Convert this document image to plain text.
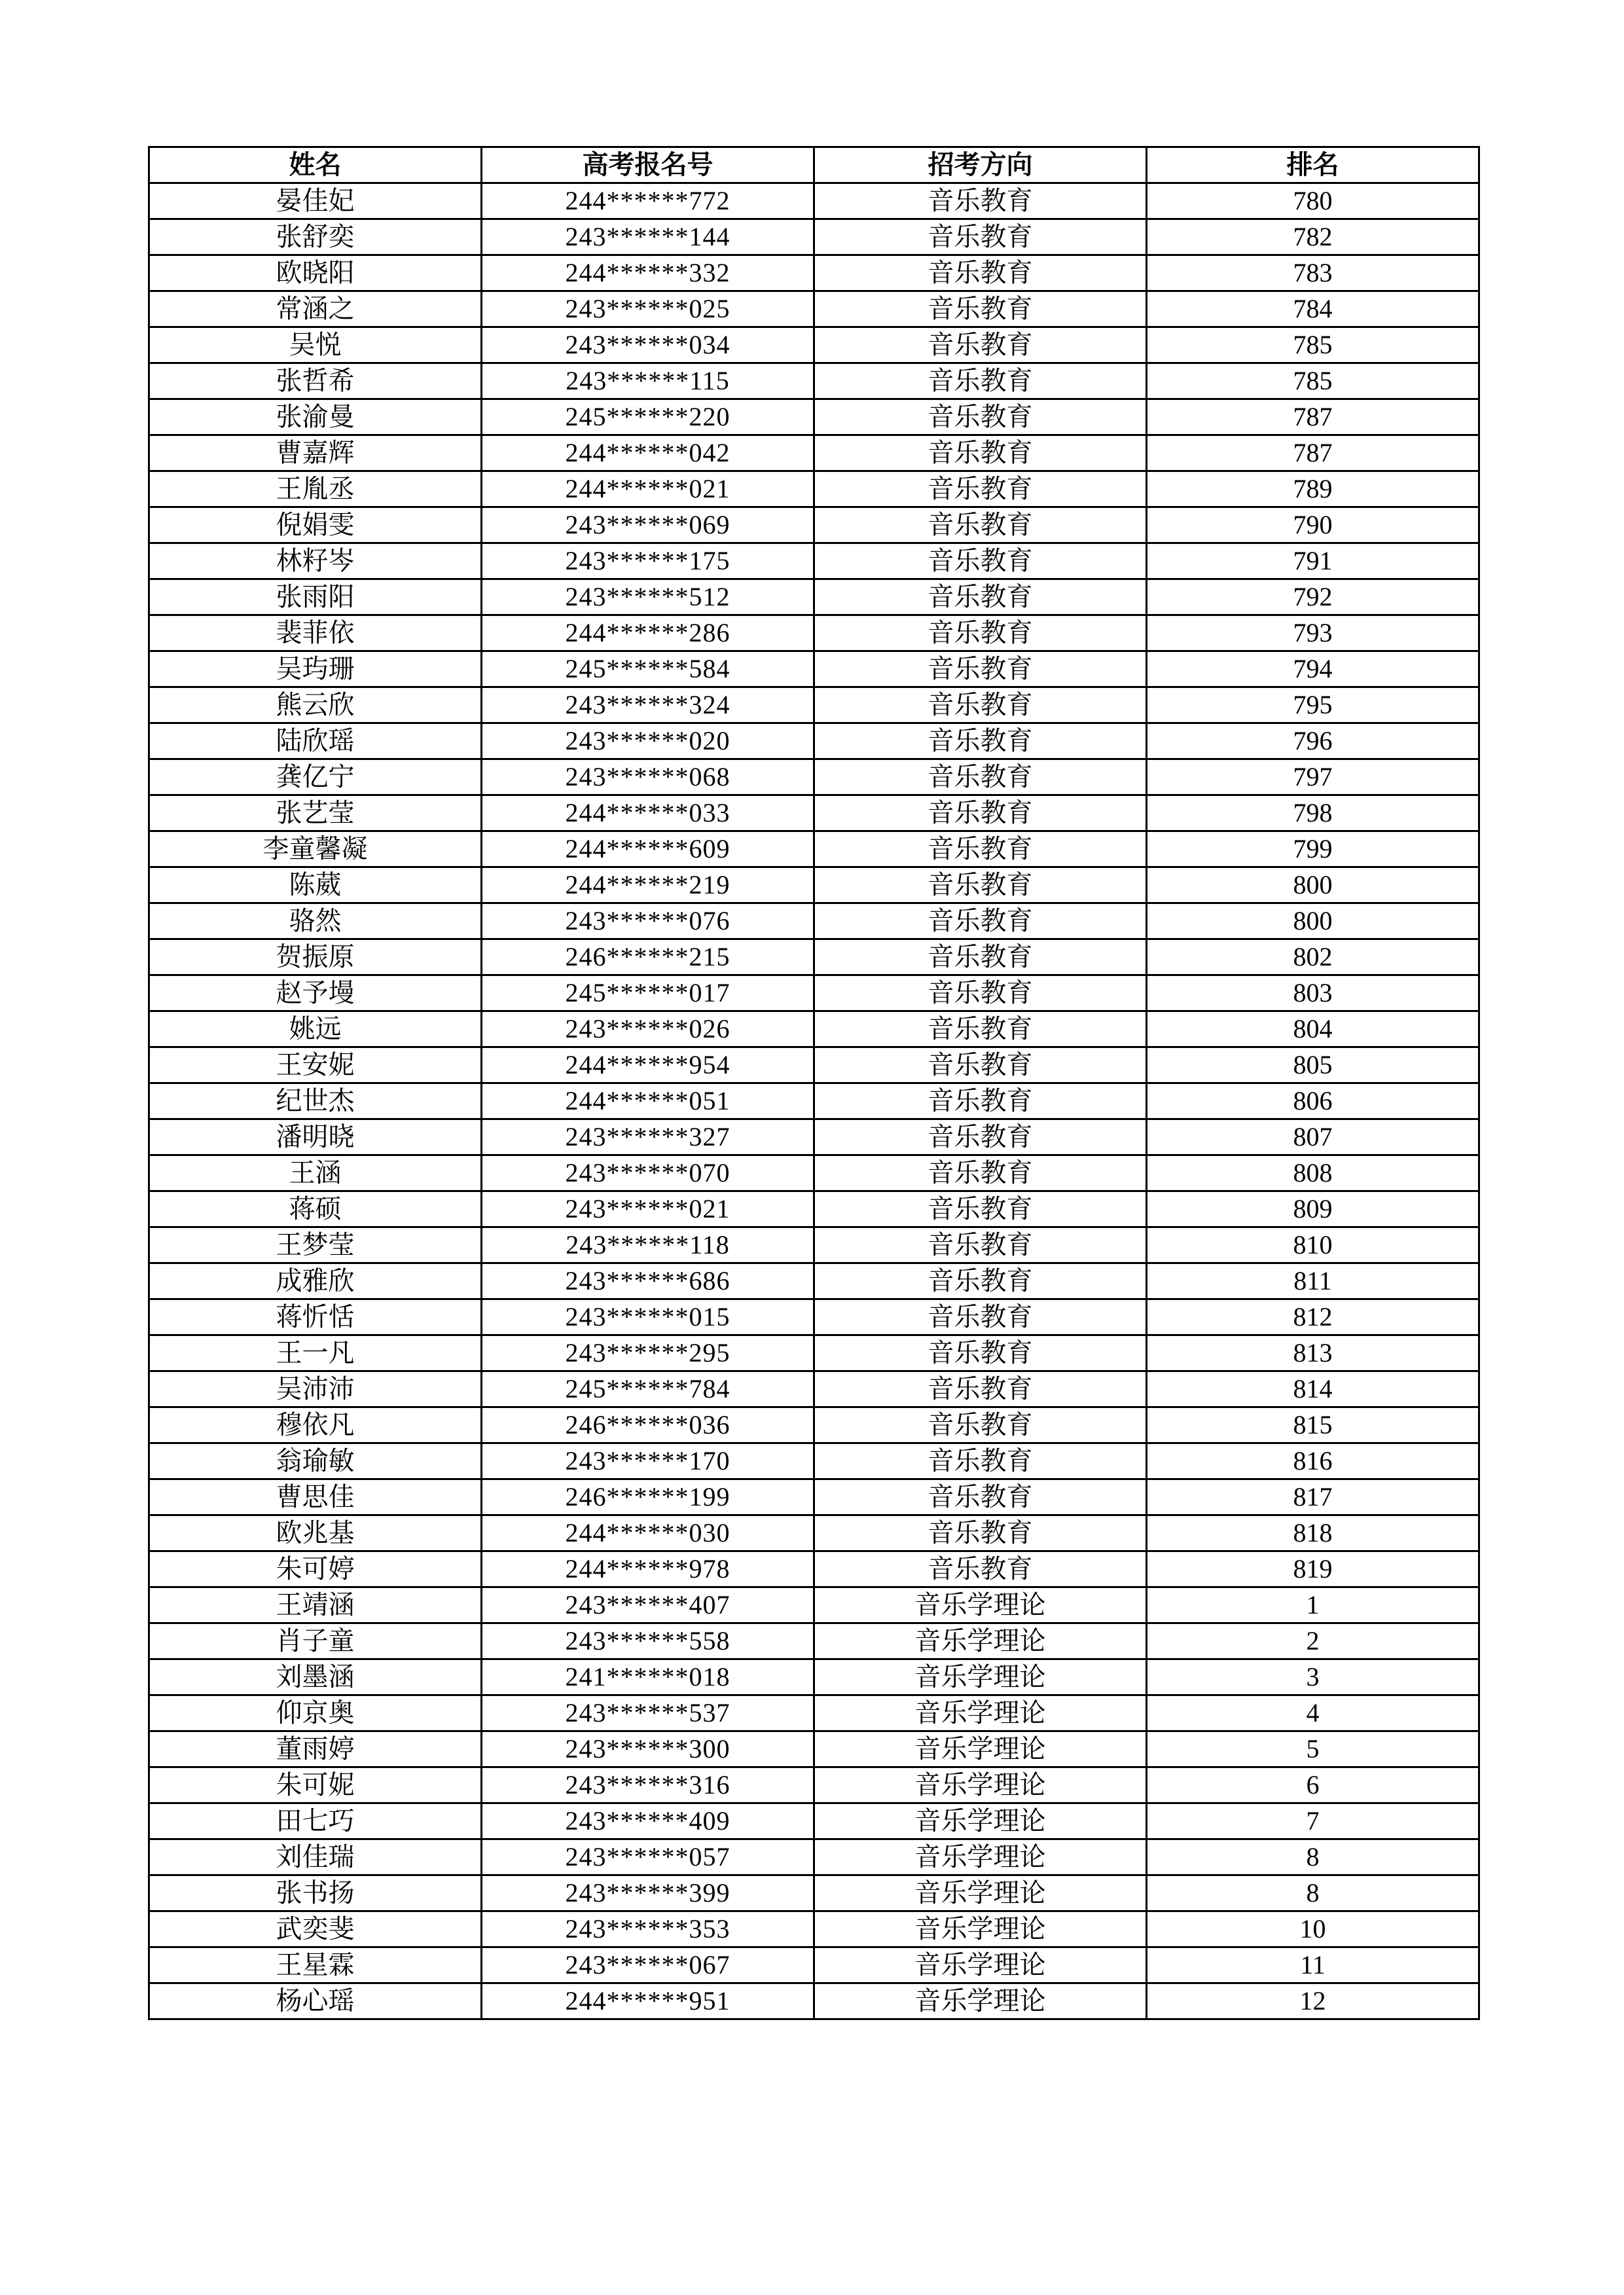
姓名	高考报名号	招考方向	排名
晏佳妃	244******772	音乐教育	780
张舒奕	243******144	音乐教育	782
欧晓阳	244******332	音乐教育	783
常涵之	243******025	音乐教育	784
吴悦	243******034	音乐教育	785
张哲希	243******115	音乐教育	785
张渝曼	245******220	音乐教育	787
曹嘉辉	244******042	音乐教育	787
王胤丞	244******021	音乐教育	789
倪娟雯	243******069	音乐教育	790
林籽岑	243******175	音乐教育	791
张雨阳	243******512	音乐教育	792
裴菲依	244******286	音乐教育	793
吴玙珊	245******584	音乐教育	794
熊云欣	243******324	音乐教育	795
陆欣瑶	243******020	音乐教育	796
龚亿宁	243******068	音乐教育	797
张艺莹	244******033	音乐教育	798
李童馨凝	244******609	音乐教育	799
陈葳	244******219	音乐教育	800
骆然	243******076	音乐教育	800
贺振原	246******215	音乐教育	802
赵予墁	245******017	音乐教育	803
姚远	243******026	音乐教育	804
王安妮	244******954	音乐教育	805
纪世杰	244******051	音乐教育	806
潘明晓	243******327	音乐教育	807
王涵	243******070	音乐教育	808
蒋硕	243******021	音乐教育	809
王梦莹	243******118	音乐教育	810
成雅欣	243******686	音乐教育	811
蒋忻恬	243******015	音乐教育	812
王一凡	243******295	音乐教育	813
吴沛沛	245******784	音乐教育	814
穆依凡	246******036	音乐教育	815
翁瑜敏	243******170	音乐教育	816
曹思佳	246******199	音乐教育	817
欧兆基	244******030	音乐教育	818
朱可婷	244******978	音乐教育	819
王靖涵	243******407	音乐学理论	1
肖子童	243******558	音乐学理论	2
刘墨涵	241******018	音乐学理论	3
仰京奥	243******537	音乐学理论	4
董雨婷	243******300	音乐学理论	5
朱可妮	243******316	音乐学理论	6
田七巧	243******409	音乐学理论	7
刘佳瑞	243******057	音乐学理论	8
张书扬	243******399	音乐学理论	8
武奕斐	243******353	音乐学理论	10
王星霖	243******067	音乐学理论	11
杨心瑶	244******951	音乐学理论	12
